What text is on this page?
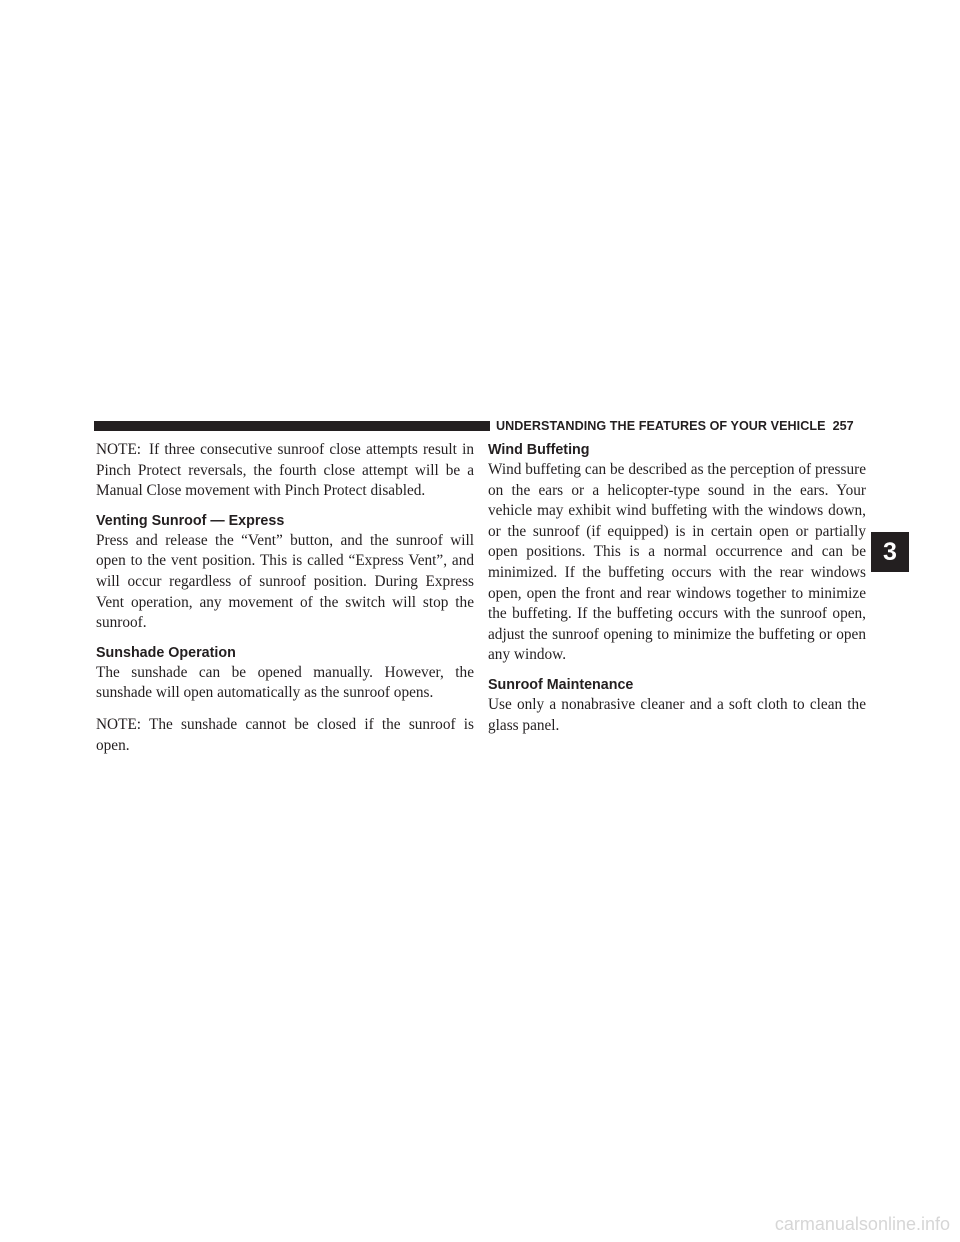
UNDERSTANDING THE FEATURES OF YOUR VEHICLE 257

NOTE: If three consecutive sunroof close attempts result in Pinch Protect reversals, the fourth close attempt will be a Manual Close movement with Pinch Protect disabled.

Venting Sunroof — Express

Press and release the “Vent” button, and the sunroof will open to the vent position. This is called “Express Vent”, and will occur regardless of sunroof position. During Express Vent operation, any movement of the switch will stop the sunroof.

Sunshade Operation

The sunshade can be opened manually. However, the sunshade will open automatically as the sunroof opens.

NOTE: The sunshade cannot be closed if the sunroof is open.

Wind Buffeting

Wind buffeting can be described as the perception of pressure on the ears or a helicopter-type sound in the ears. Your vehicle may exhibit wind buffeting with the windows down, or the sunroof (if equipped) is in certain open or partially open positions. This is a normal occurrence and can be minimized. If the buffeting occurs with the rear windows open, open the front and rear windows together to minimize the buffeting. If the buffeting occurs with the sunroof open, adjust the sunroof opening to minimize the buffeting or open any window.

Sunroof Maintenance

Use only a nonabrasive cleaner and a soft cloth to clean the glass panel.

3
carmanualsonline.info
